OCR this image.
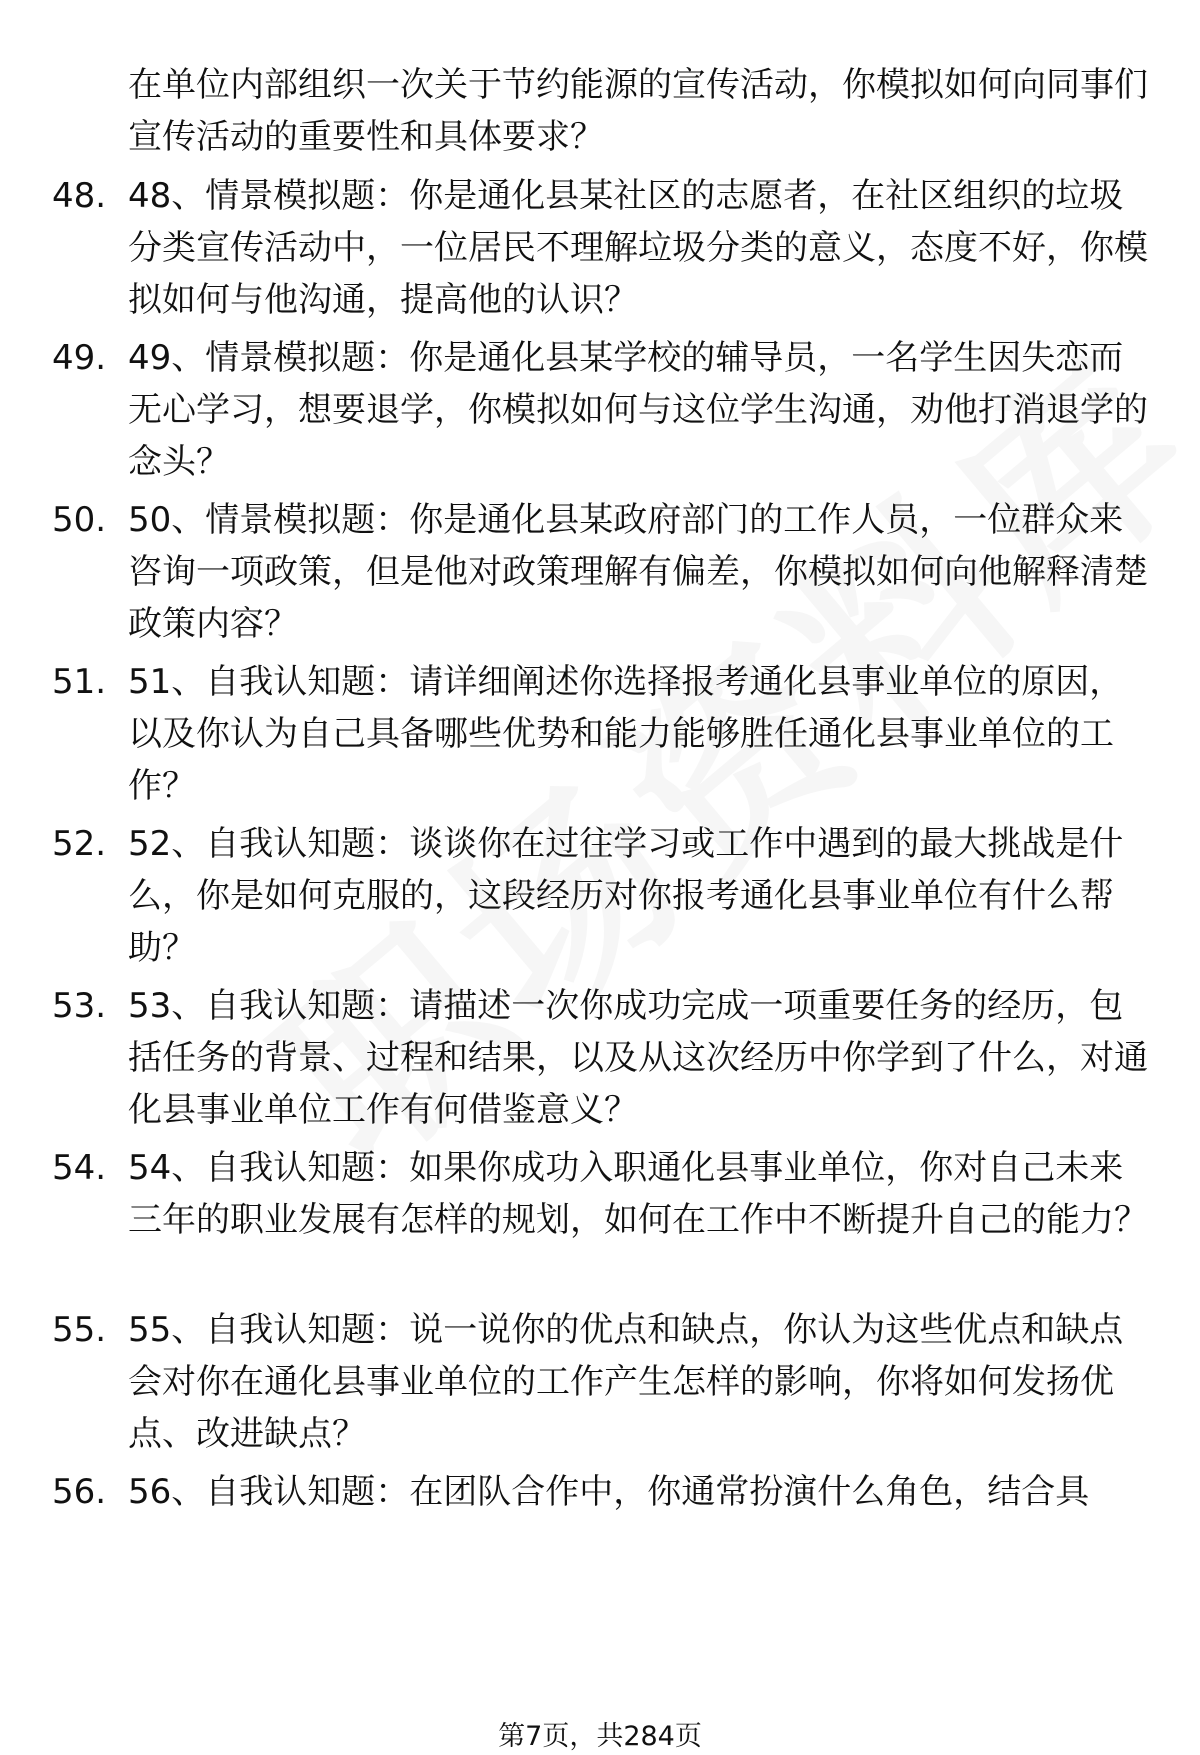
在单位内部组织一次关于节约能源的宣传活动，你模拟如何向同事们宣传活动的重要性和具体要求？
48. 48、情景模拟题：你是通化县某社区的志愿者，在社区组织的垃圾分类宣传活动中，一位居民不理解垃圾分类的意义，态度不好，你模拟如何与他沟通，提高他的认识？
49. 49、情景模拟题：你是通化县某学校的辅导员，一名学生因失恋而无心学习，想要退学，你模拟如何与这位学生沟通，劝他打消退学的念头？
50. 50、情景模拟题：你是通化县某政府部门的工作人员，一位群众来咨询一项政策，但是他对政策理解有偏差，你模拟如何向他解释清楚政策内容？
51. 51、自我认知题：请详细阐述你选择报考通化县事业单位的原因，以及你认为自己具备哪些优势和能力能够胜任通化县事业单位的工作？
52. 52、自我认知题：谈谈你在过往学习或工作中遇到的最大挑战是什么，你是如何克服的，这段经历对你报考通化县事业单位有什么帮助？
53. 53、自我认知题：请描述一次你成功完成一项重要任务的经历，包括任务的背景、过程和结果，以及从这次经历中你学到了什么，对通化县事业单位工作有何借鉴意义？
54. 54、自我认知题：如果你成功入职通化县事业单位，你对自己未来三年的职业发展有怎样的规划，如何在工作中不断提升自己的能力？
55. 55、自我认知题：说一说你的优点和缺点，你认为这些优点和缺点会对你在通化县事业单位的工作产生怎样的影响，你将如何发扬优点、改进缺点？
56. 56、自我认知题：在团队合作中，你通常扮演什么角色，结合具
第7页，共284页
